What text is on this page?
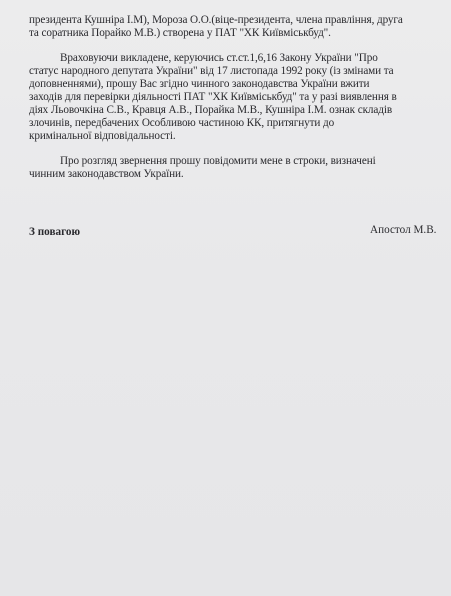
президента Кушніра І.М), Мороза О.О.(віце-президента, члена правління, друга
та соратника Порайко М.В.) створена у ПАТ "ХК Київміськбуд".
Враховуючи викладене, керуючись ст.ст.1,6,16 Закону України "Про
статус народного депутата України" від 17 листопада 1992 року (із змінами та
доповненнями), прошу Вас згідно чинного законодавства України вжити
заходів для перевірки діяльності ПАТ "ХК Київміськбуд" та у разі виявлення в
діях Льовочкіна С.В., Кравця А.В., Порайка М.В., Кушніра І.М. ознак складів
злочинів, передбачених Особливою частиною КК, притягнути до
кримінальної відповідальності.
Про розгляд звернення прошу повідомити мене в строки, визначені
чинним законодавством України.
З повагою	Апостол М.В.
